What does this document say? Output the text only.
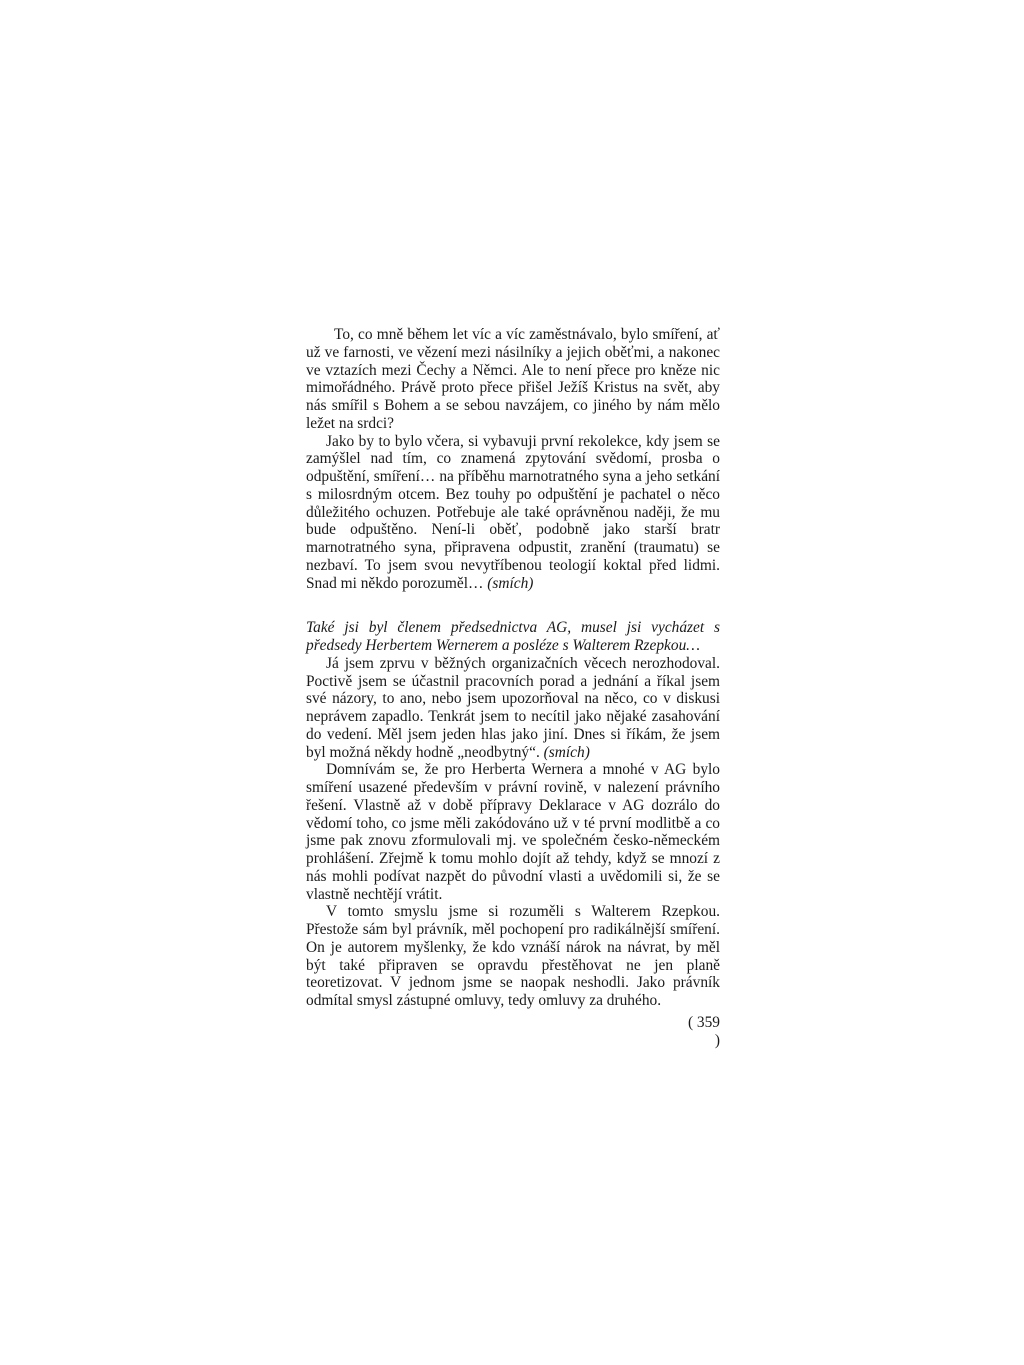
To, co mně během let víc a víc zaměstnávalo, bylo smíření, ať už ve farnosti, ve vězení mezi násilníky a jejich oběťmi, a nakonec ve vztazích mezi Čechy a Němci. Ale to není přece pro kněze nic mimořádného. Právě proto přece přišel Ježíš Kristus na svět, aby nás smířil s Bohem a se sebou navzájem, co jiného by nám mělo ležet na srdci?

Jako by to bylo včera, si vybavuji první rekolekce, kdy jsem se zamýšlel nad tím, co znamená zpytování svědomí, prosba o odpuštění, smíření… na příběhu marnotratného syna a jeho setkání s milosrdným otcem. Bez touhy po odpuštění je pachatel o něco důležitého ochuzen. Potřebuje ale také oprávněnou naději, že mu bude odpuštěno. Není-li oběť, podobně jako starší bratr marnotratného syna, připravena odpustit, zranění (traumatu) se nezbaví. To jsem svou nevytříbenou teologií koktal před lidmi. Snad mi někdo porozuměl… (smích)

Také jsi byl členem předsednictva AG, musel jsi vycházet s předsedy Herbertem Wernerem a posléze s Walterem Rzepkou…

Já jsem zprvu v běžných organizačních věcech nerozhodoval. Poctivě jsem se účastnil pracovních porad a jednání a říkal jsem své názory, to ano, nebo jsem upozorňoval na něco, co v diskusi neprávem zapadlo. Tenkrát jsem to necítil jako nějaké zasahování do vedení. Měl jsem jeden hlas jako jiní. Dnes si říkám, že jsem byl možná někdy hodně „neodbytný“. (smích)

Domnívám se, že pro Herberta Wernera a mnohé v AG bylo smíření usazené především v právní rovině, v nalezení právního řešení. Vlastně až v době přípravy Deklarace v AG dozrálo do vědomí toho, co jsme měli zakódováno už v té první modlitbě a co jsme pak znovu zformulovali mj. ve společném česko-německém prohlášení. Zřejmě k tomu mohlo dojít až tehdy, když se mnozí z nás mohli podívat nazpět do původní vlasti a uvědomili si, že se vlastně nechtějí vrátit.

V tomto smyslu jsme si rozuměli s Walterem Rzepkou. Přestože sám byl právník, měl pochopení pro radikálnější smíření. On je autorem myšlenky, že kdo vznáší nárok na návrat, by měl být také připraven se opravdu přestěhovat ne jen planě teoretizovat. V jednom jsme se naopak neshodli. Jako právník odmítal smysl zástupné omluvy, tedy omluvy za druhého.

( 359 )
